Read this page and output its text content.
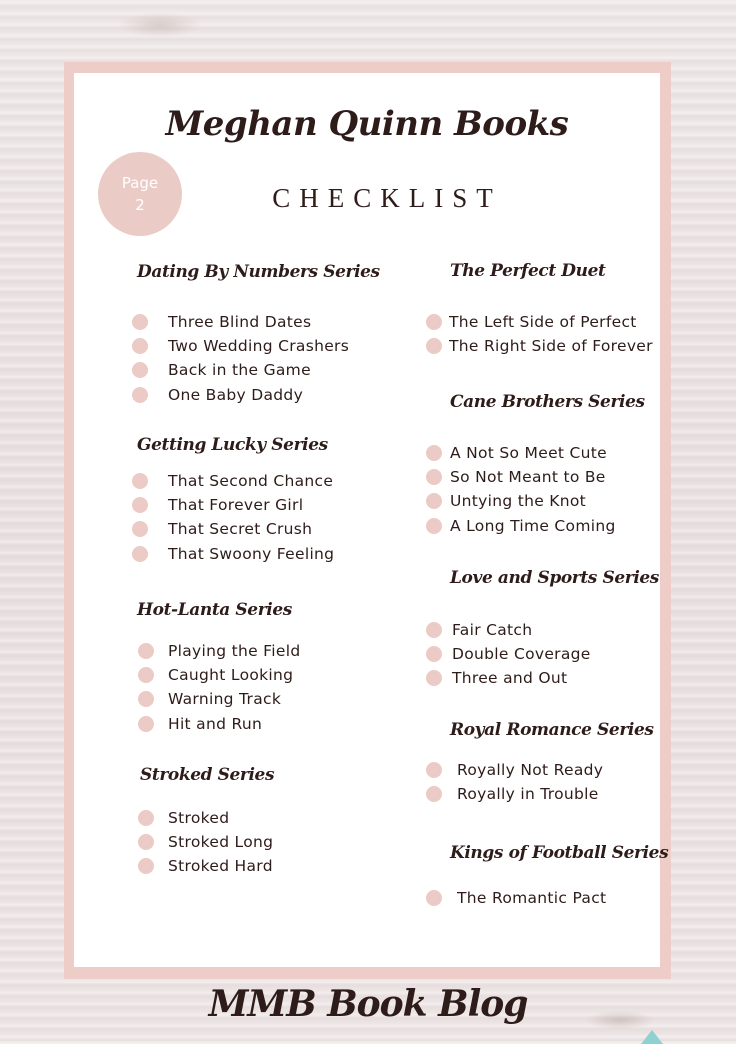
Meghan Quinn Books
CHECKLIST
Page
2
Dating By Numbers Series
Three Blind Dates
Two Wedding Crashers
Back in the Game
One Baby Daddy
Getting Lucky Series
That Second Chance
That Forever Girl
That Secret Crush
That Swoony Feeling
Hot-Lanta Series
Playing the Field
Caught Looking
Warning Track
Hit and Run
Stroked Series
Stroked
Stroked Long
Stroked Hard
The Perfect Duet
The Left Side of Perfect
The Right Side of Forever
Cane Brothers Series
A Not So Meet Cute
So Not Meant to Be
Untying the Knot
A Long Time Coming
Love and Sports Series
Fair Catch
Double Coverage
Three and Out
Royal Romance Series
Royally Not Ready
Royally in Trouble
Kings of Football Series
The Romantic Pact
MMB Book Blog
